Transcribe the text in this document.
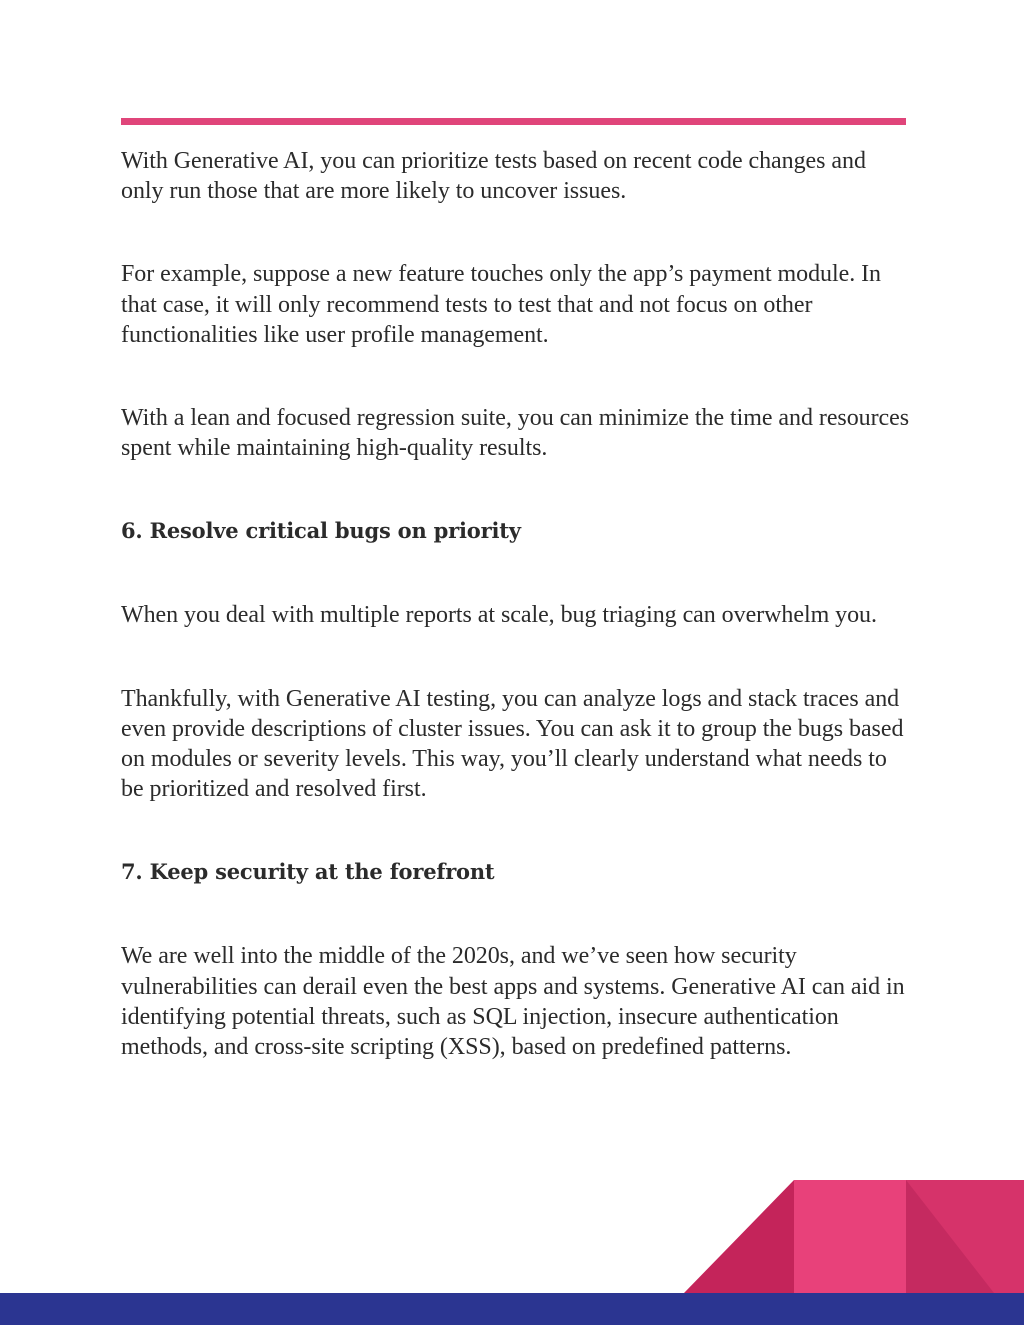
With Generative AI, you can prioritize tests based on recent code changes and only run those that are more likely to uncover issues.

For example, suppose a new feature touches only the app’s payment module. In that case, it will only recommend tests to test that and not focus on other functionalities like user profile management.

With a lean and focused regression suite, you can minimize the time and resources spent while maintaining high-quality results.

6. Resolve critical bugs on priority

When you deal with multiple reports at scale, bug triaging can overwhelm you.

Thankfully, with Generative AI testing, you can analyze logs and stack traces and even provide descriptions of cluster issues. You can ask it to group the bugs based on modules or severity levels. This way, you’ll clearly understand what needs to be prioritized and resolved first.

7. Keep security at the forefront

We are well into the middle of the 2020s, and we’ve seen how security vulnerabilities can derail even the best apps and systems. Generative AI can aid in identifying potential threats, such as SQL injection, insecure authentication methods, and cross-site scripting (XSS), based on predefined patterns.
